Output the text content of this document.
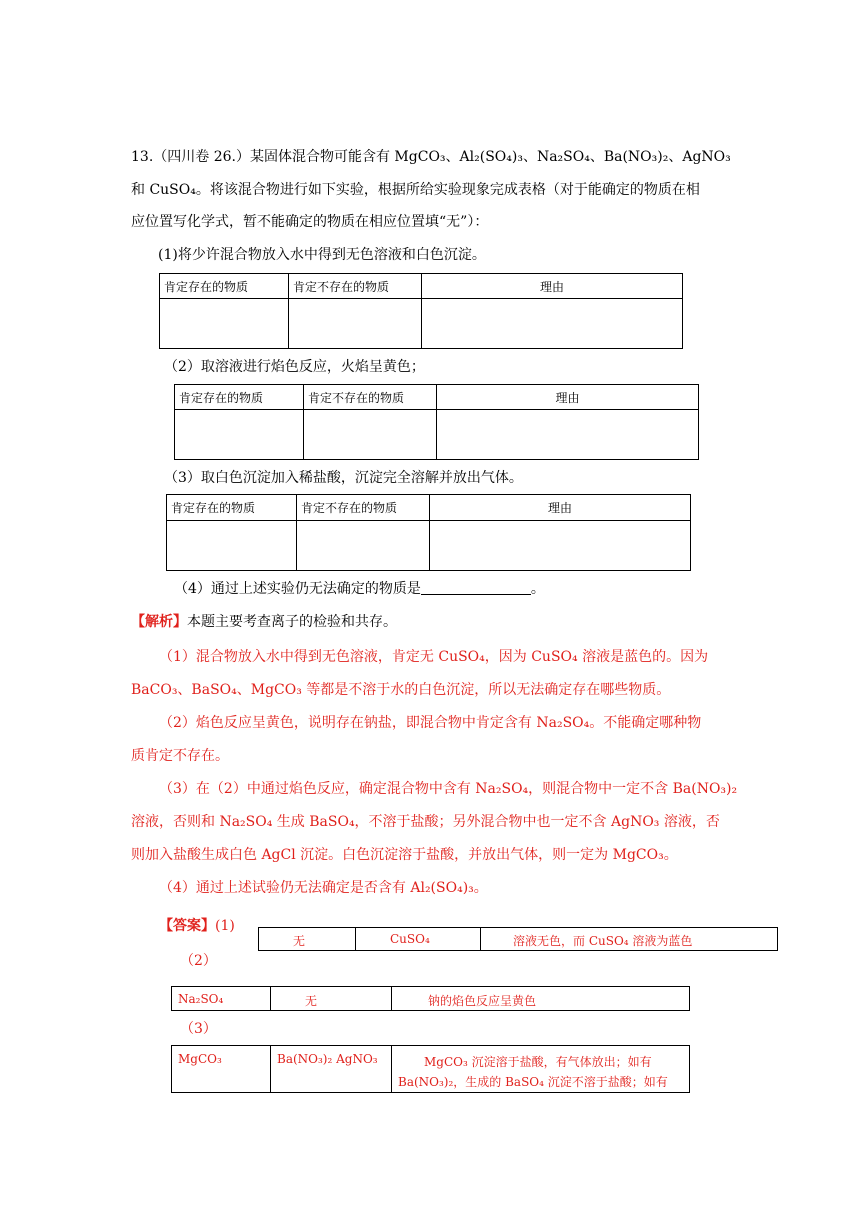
13.（四川卷 26.）某固体混合物可能含有 MgCO₃、Al₂(SO₄)₃、Na₂SO₄、Ba(NO₃)₂、AgNO₃
和 CuSO₄。将该混合物进行如下实验，根据所给实验现象完成表格（对于能确定的物质在相
应位置写化学式，暂不能确定的物质在相应位置填“无”）：
(1)将少许混合物放入水中得到无色溶液和白色沉淀。
肯定存在的物质	肯定不存在的物质	理由

（2）取溶液进行焰色反应，火焰呈黄色；
肯定存在的物质	肯定不存在的物质	理由

（3）取白色沉淀加入稀盐酸，沉淀完全溶解并放出气体。
肯定存在的物质	肯定不存在的物质	理由

（4）通过上述实验仍无法确定的物质是	。
【解析】本题主要考查离子的检验和共存。
（1）混合物放入水中得到无色溶液，肯定无 CuSO₄，因为 CuSO₄ 溶液是蓝色的。因为
BaCO₃、BaSO₄、MgCO₃ 等都是不溶于水的白色沉淀，所以无法确定存在哪些物质。
（2）焰色反应呈黄色，说明存在钠盐，即混合物中肯定含有 Na₂SO₄。不能确定哪种物
质肯定不存在。
（3）在（2）中通过焰色反应，确定混合物中含有 Na₂SO₄，则混合物中一定不含 Ba(NO₃)₂
溶液，否则和 Na₂SO₄ 生成 BaSO₄，不溶于盐酸；另外混合物中也一定不含 AgNO₃ 溶液，否
则加入盐酸生成白色 AgCl 沉淀。白色沉淀溶于盐酸，并放出气体，则一定为 MgCO₃。
（4）通过上述试验仍无法确定是否含有 Al₂(SO₄)₃。
【答案】(1)
无	CuSO₄	溶液无色，而 CuSO₄ 溶液为蓝色
（2）
Na₂SO₄	无	钠的焰色反应呈黄色
（3）
MgCO₃	Ba(NO₃)₂ AgNO₃	MgCO₃ 沉淀溶于盐酸，有气体放出；如有
Ba(NO₃)₂，生成的 BaSO₄ 沉淀不溶于盐酸；如有
